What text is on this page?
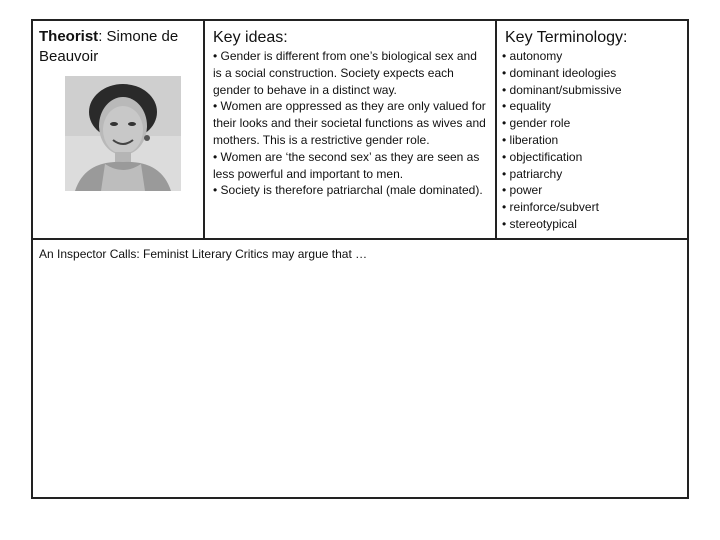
Theorist: Simone de Beauvoir
Key ideas:

• Gender is different from one’s biological sex and is a social construction. Society expects each gender to behave in a distinct way.

• Women are oppressed as they are only valued for their looks and their societal functions as wives and mothers. This is a restrictive gender role.

• Women are ‘the second sex’ as they are seen as less powerful and important to men.

• Society is therefore patriarchal (male dominated).

Key Terminology:
• autonomy
• dominant ideologies
• dominant/submissive
• equality
• gender role
• liberation
• objectification
• patriarchy
• power
• reinforce/subvert
• stereotypical
An Inspector Calls: Feminist Literary Critics may argue that …
